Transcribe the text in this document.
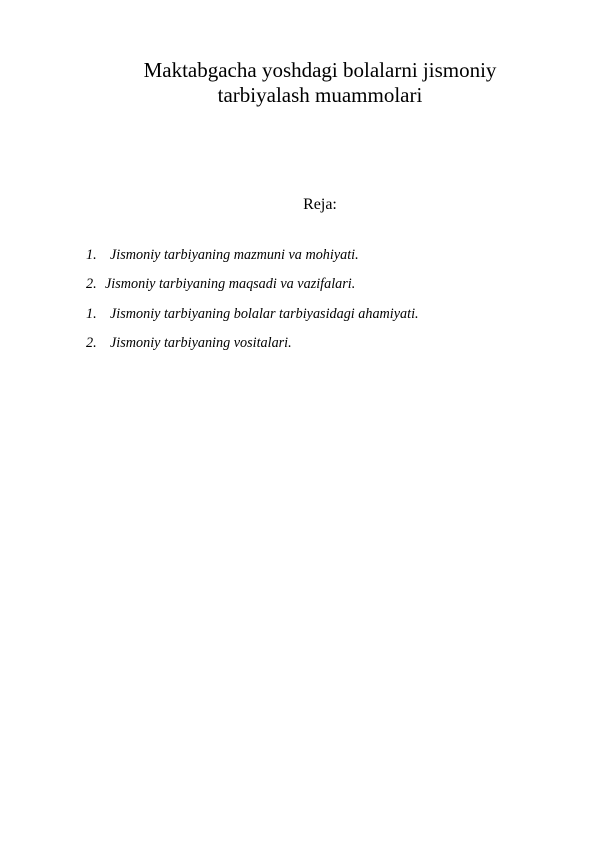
Maktabgacha yoshdagi bolalarni jismoniy
tarbiyalash muammolari
Reja:
1. Jismoniy tarbiyaning mazmuni va mohiyati.
2. Jismoniy tarbiyaning maqsadi va vazifalari.
1. Jismoniy tarbiyaning bolalar tarbiyasidagi ahamiyati.
2. Jismoniy tarbiyaning vositalari.
